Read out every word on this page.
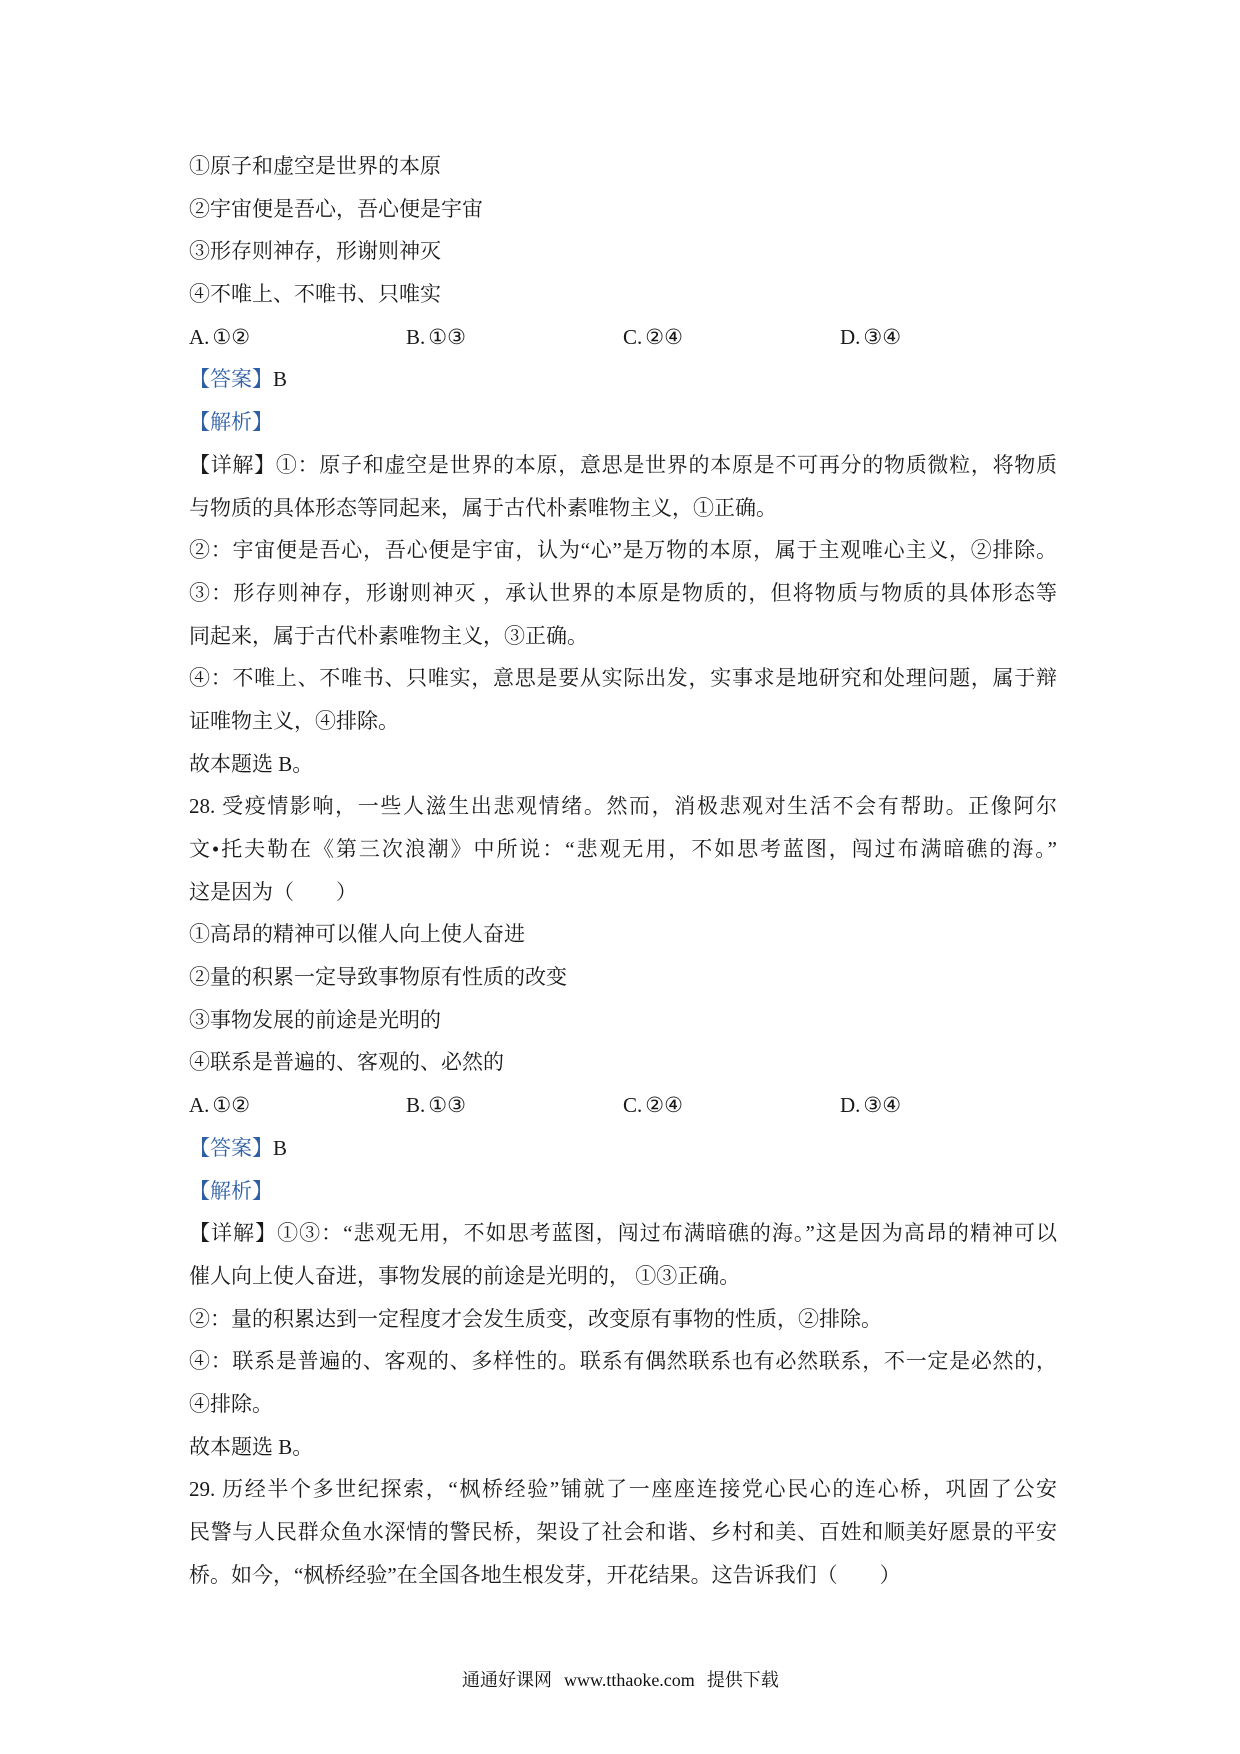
①原子和虚空是世界的本原
②宇宙便是吾心，吾心便是宇宙
③形存则神存，形谢则神灭
④不唯上、不唯书、只唯实
A. ①②	B. ①③	C. ②④	D. ③④
【答案】B
【解析】
【详解】①：原子和虚空是世界的本原，意思是世界的本原是不可再分的物质微粒，将物质
与物质的具体形态等同起来，属于古代朴素唯物主义，①正确。
②：宇宙便是吾心，吾心便是宇宙，认为“心”是万物的本原，属于主观唯心主义，②排除。
③：形存则神存，形谢则神灭 ，承认世界的本原是物质的，但将物质与物质的具体形态等
同起来，属于古代朴素唯物主义，③正确。
④：不唯上、不唯书、只唯实，意思是要从实际出发，实事求是地研究和处理问题，属于辩
证唯物主义，④排除。
故本题选 B。
28. 受疫情影响，一些人滋生出悲观情绪。然而，消极悲观对生活不会有帮助。正像阿尔
文•托夫勒在《第三次浪潮》中所说：“悲观无用，不如思考蓝图，闯过布满暗礁的海。”
这是因为（　　）
①高昂的精神可以催人向上使人奋进
②量的积累一定导致事物原有性质的改变
③事物发展的前途是光明的
④联系是普遍的、客观的、必然的
A. ①②	B. ①③	C. ②④	D. ③④
【答案】B
【解析】
【详解】①③：“悲观无用，不如思考蓝图，闯过布满暗礁的海。”这是因为高昂的精神可以
催人向上使人奋进，事物发展的前途是光明的， ①③正确。
②：量的积累达到一定程度才会发生质变，改变原有事物的性质，②排除。
④：联系是普遍的、客观的、多样性的。联系有偶然联系也有必然联系，不一定是必然的，
④排除。
故本题选 B。
29. 历经半个多世纪探索，“枫桥经验”铺就了一座座连接党心民心的连心桥，巩固了公安
民警与人民群众鱼水深情的警民桥，架设了社会和谐、乡村和美、百姓和顺美好愿景的平安
桥。如今，“枫桥经验”在全国各地生根发芽，开花结果。这告诉我们（　　）
通通好课网 www.tthaoke.com 提供下载
